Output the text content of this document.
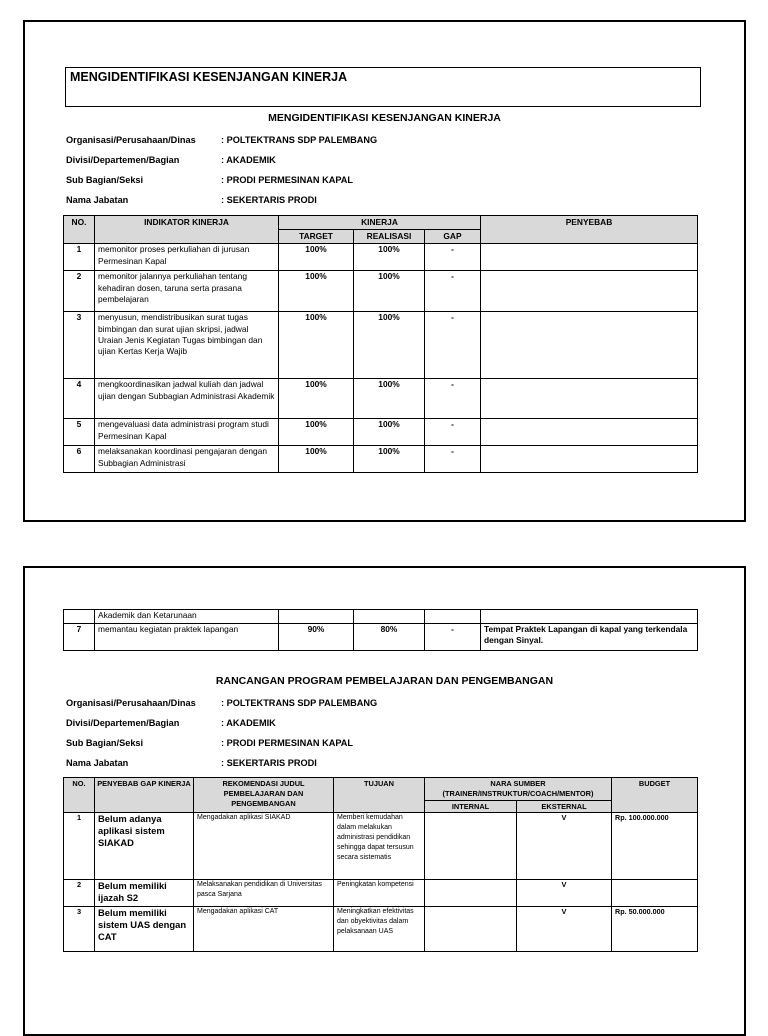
MENGIDENTIFIKASI KESENJANGAN KINERJA
MENGIDENTIFIKASI KESENJANGAN KINERJA
Organisasi/Perusahaan/Dinas	: POLTEKTRANS SDP PALEMBANG
Divisi/Departemen/Bagian	: AKADEMIK
Sub Bagian/Seksi	: PRODI PERMESINAN KAPAL
Nama Jabatan	: SEKERTARIS PRODI
NO.	INDIKATOR KINERJA	KINERJA			PENYEBAB
		TARGET	REALISASI	GAP	
1	memonitor proses perkuliahan di jurusan Permesinan Kapal	100%	100%	-	
2	memonitor jalannya perkuliahan tentang kehadiran dosen, taruna serta prasana pembelajaran	100%	100%	-	
3	menyusun, mendistribusikan surat tugas bimbingan dan surat ujian skripsi, jadwal Uraian Jenis Kegiatan Tugas bimbingan dan ujian Kertas Kerja Wajib	100%	100%	-	
4	mengkoordinasikan jadwal kuliah dan jadwal ujian dengan Subbagian Administrasi Akademik	100%	100%	-	
5	mengevaluasi data administrasi program studi Permesinan Kapal	100%	100%	-	
6	melaksanakan koordinasi pengajaran dengan Subbagian Administrasi	100%	100%	-	
	Akademik dan Ketarunaan				
7	memantau kegiatan praktek lapangan	90%	80%	-	Tempat Praktek Lapangan di kapal yang terkendala dengan Sinyal.
RANCANGAN PROGRAM PEMBELAJARAN DAN PENGEMBANGAN
Organisasi/Perusahaan/Dinas	: POLTEKTRANS SDP PALEMBANG
Divisi/Departemen/Bagian	: AKADEMIK
Sub Bagian/Seksi	: PRODI PERMESINAN KAPAL
Nama Jabatan	: SEKERTARIS PRODI
NO.	PENYEBAB GAP KINERJA	REKOMENDASI JUDUL PEMBELAJARAN DAN PENGEMBANGAN	TUJUAN	NARA SUMBER (TRAINER/INSTRUKTUR/COACH/MENTOR)		BUDGET
				INTERNAL	EKSTERNAL	
1	Belum adanya aplikasi sistem SIAKAD	Mengadakan aplikasi SIAKAD	Memberi kemudahan dalam melakukan administrasi pendidikan sehingga dapat tersusun secara sistematis		V	Rp. 100.000.000
2	Belum memiliki ijazah S2	Melaksanakan pendidikan di Universitas pasca Sarjana	Peningkatan kompetensi		V	
3	Belum memiliki sistem UAS dengan CAT	Mengadakan aplikasi CAT	Meningkatkan efektivitas dan obyektivitas dalam pelaksanaan UAS		V	Rp. 50.000.000
